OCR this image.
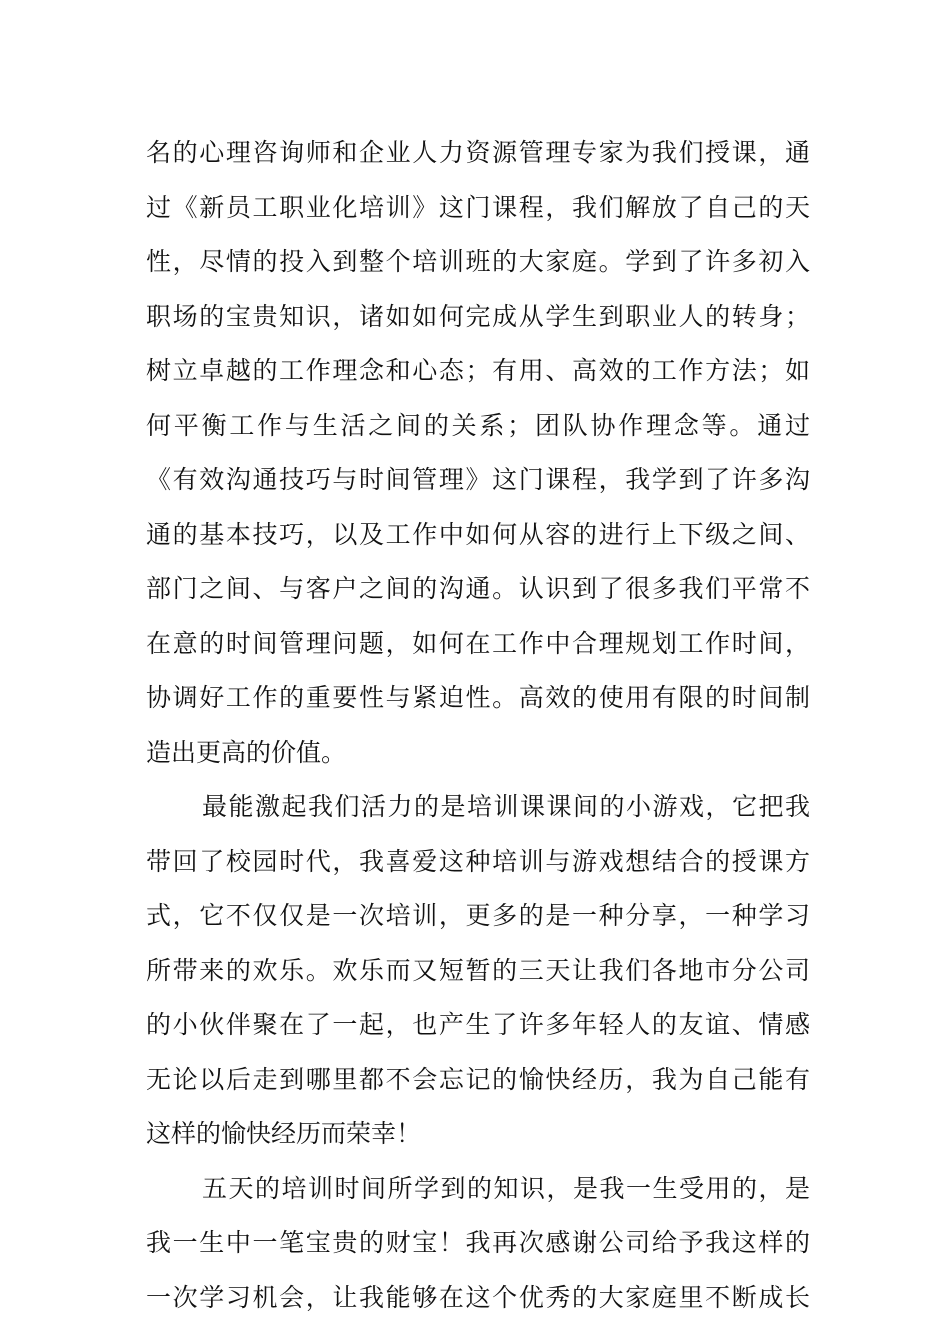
名的心理咨询师和企业人力资源管理专家为我们授课，通
过《新员工职业化培训》这门课程，我们解放了自己的天
性，尽情的投入到整个培训班的大家庭。学到了许多初入
职场的宝贵知识，诸如如何完成从学生到职业人的转身；
树立卓越的工作理念和心态；有用、高效的工作方法；如
何平衡工作与生活之间的关系；团队协作理念等。通过
《有效沟通技巧与时间管理》这门课程，我学到了许多沟
通的基本技巧，以及工作中如何从容的进行上下级之间、
部门之间、与客户之间的沟通。认识到了很多我们平常不
在意的时间管理问题，如何在工作中合理规划工作时间，
协调好工作的重要性与紧迫性。高效的使用有限的时间制
造出更高的价值。
最能激起我们活力的是培训课课间的小游戏，它把我
带回了校园时代，我喜爱这种培训与游戏想结合的授课方
式，它不仅仅是一次培训，更多的是一种分享，一种学习
所带来的欢乐。欢乐而又短暂的三天让我们各地市分公司
的小伙伴聚在了一起，也产生了许多年轻人的友谊、情感
无论以后走到哪里都不会忘记的愉快经历，我为自己能有
这样的愉快经历而荣幸！
五天的培训时间所学到的知识，是我一生受用的，是
我一生中一笔宝贵的财宝！我再次感谢公司给予我这样的
一次学习机会，让我能够在这个优秀的大家庭里不断成长
